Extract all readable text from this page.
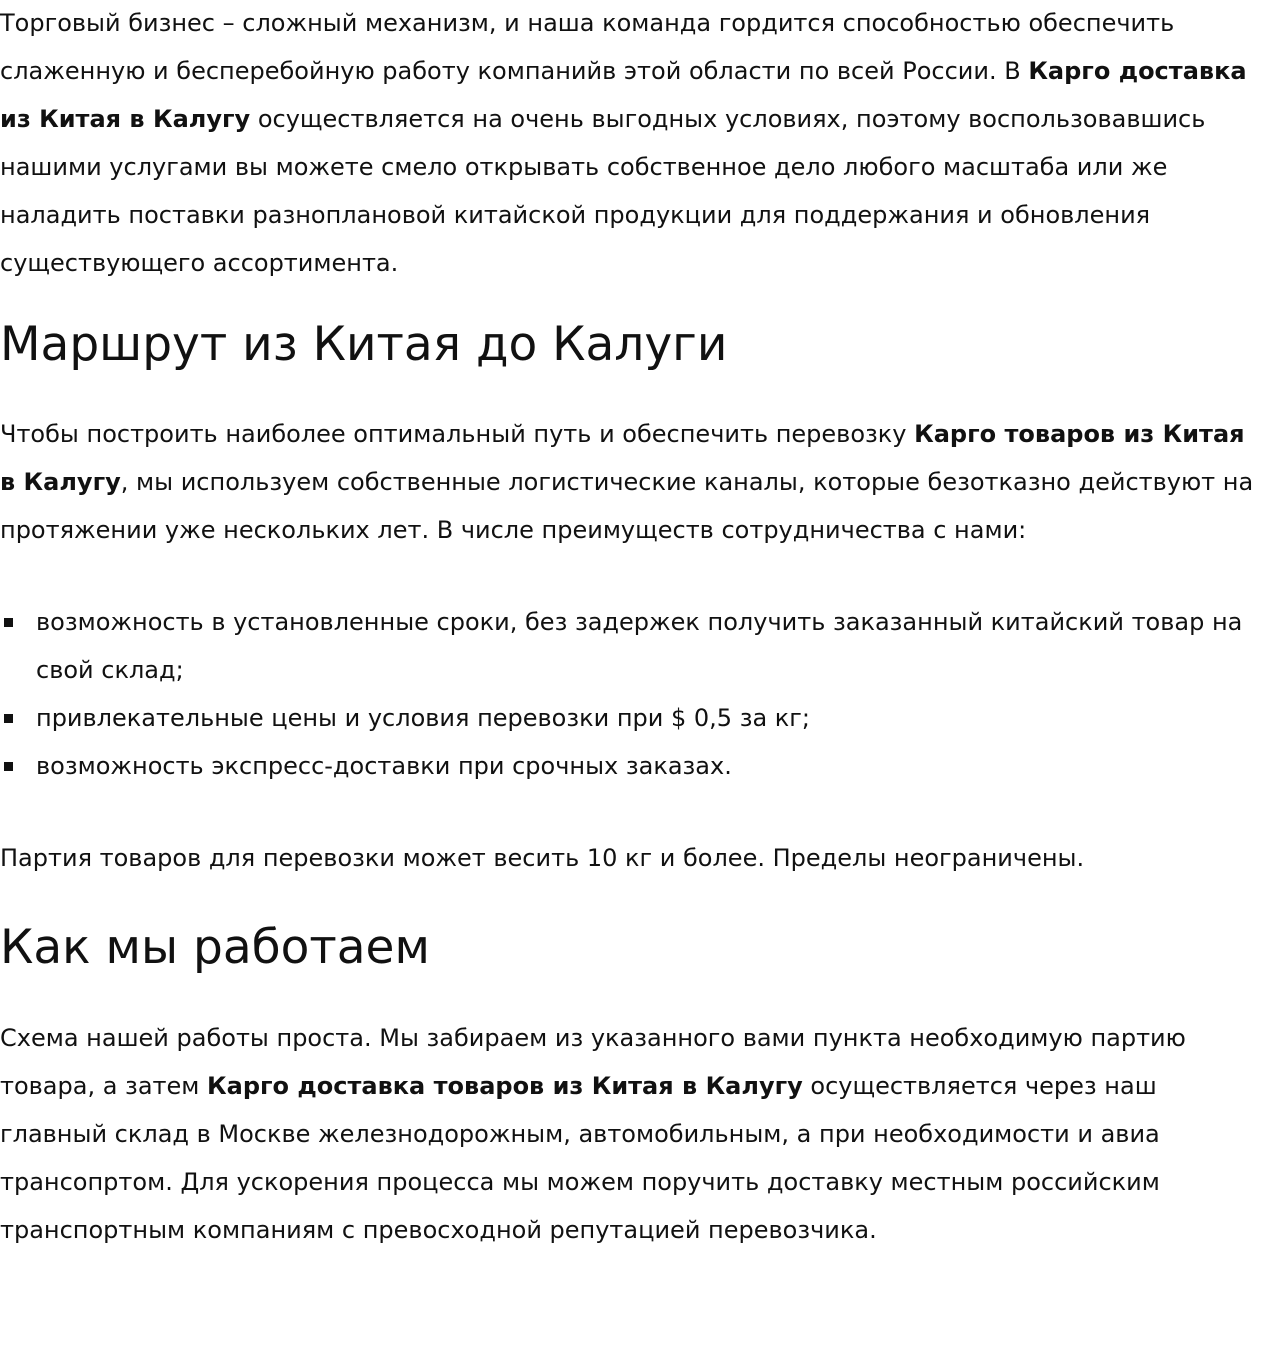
Торговый бизнес – сложный механизм, и наша команда гордится способностью обеспечить слаженную и бесперебойную работу компанийв этой области по всей России. В Карго доставка из Китая в Калугу осуществляется на очень выгодных условиях, поэтому воспользовавшись нашими услугами вы можете смело открывать собственное дело любого масштаба или же наладить поставки разноплановой китайской продукции для поддержания и обновления существующего ассортимента.

Маршрут из Китая до Калуги

Чтобы построить наиболее оптимальный путь и обеспечить перевозку Карго товаров из Китая в Калугу, мы используем собственные логистические каналы, которые безотказно действуют на протяжении уже нескольких лет. В числе преимуществ сотрудничества с нами:

возможность в установленные сроки, без задержек получить заказанный китайский товар на свой склад;
привлекательные цены и условия перевозки при $ 0,5 за кг;
возможность экспресс-доставки при срочных заказах.

Партия товаров для перевозки может весить 10 кг и более. Пределы неограничены.

Как мы работаем

Схема нашей работы проста. Мы забираем из указанного вами пункта необходимую партию товара, а затем Карго доставка товаров из Китая в Калугу осуществляется через наш главный склад в Москве железнодорожным, автомобильным, а при необходимости и авиа трансопртом. Для ускорения процесса мы можем поручить доставку местным российским транспортным компаниям с превосходной репутацией перевозчика.
